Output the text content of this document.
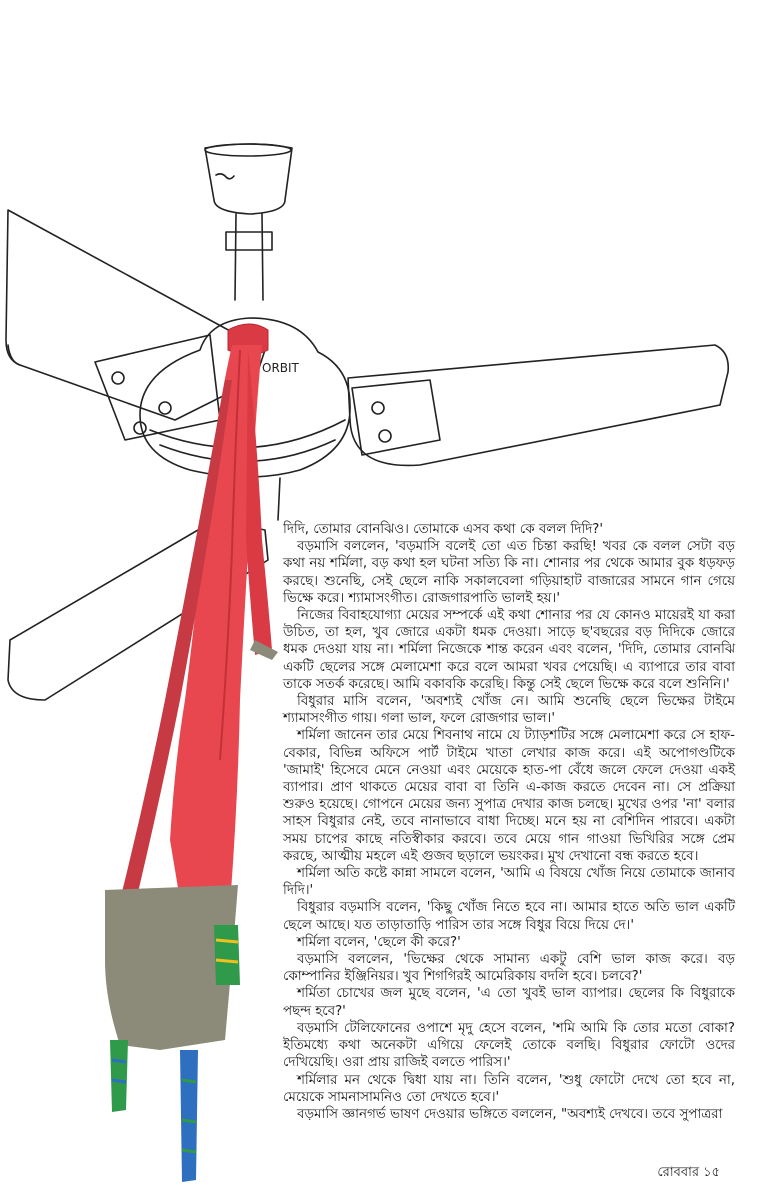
ORBIT

দিদি, তোমার বোনঝিও। তোমাকে এসব কথা কে বলল দিদি?'

বড়মাসি বললেন, 'বড়মাসি বলেই তো এত চিন্তা করছি! খবর কে বলল সেটা বড় কথা নয় শর্মিলা, বড় কথা হল ঘটনা সত্যি কি না। শোনার পর থেকে আমার বুক ধড়ফড় করছে। শুনেছি, সেই ছেলে নাকি সকালবেলা গড়িয়াহাট বাজারের সামনে গান গেয়ে ভিক্ষে করে। শ্যামাসংগীত। রোজগারপাতি ভালই হয়।'

নিজের বিবাহযোগ্যা মেয়ের সম্পর্কে এই কথা শোনার পর যে কোনও মায়েরই যা করা উচিত, তা হল, খুব জোরে একটা ধমক দেওয়া। সাড়ে ছ'বছরের বড় দিদিকে জোরে ধমক দেওয়া যায় না। শর্মিলা নিজেকে শান্ত করেন এবং বলেন, 'দিদি, তোমার বোনঝি একটি ছেলের সঙ্গে মেলামেশা করে বলে আমরা খবর পেয়েছি। এ ব্যাপারে তার বাবা তাকে সতর্ক করেছে। আমি বকাবকি করেছি। কিন্তু সেই ছেলে ভিক্ষে করে বলে শুনিনি।'

বিধুরার মাসি বলেন, 'অবশ্যই খোঁজ নে। আমি শুনেছি ছেলে ভিক্ষের টাইমে শ্যামাসংগীত গায়। গলা ভাল, ফলে রোজগার ভাল।'

শর্মিলা জানেন তার মেয়ে শিবনাথ নামে যে ট্যাড়শটির সঙ্গে মেলামেশা করে সে হাফ-বেকার, বিভিন্ন অফিসে পার্ট টাইমে খাতা লেখার কাজ করে। এই অপোগণ্ডটিকে 'জামাই' হিসেবে মেনে নেওয়া এবং মেয়েকে হাত-পা বেঁধে জলে ফেলে দেওয়া একই ব্যাপার। প্রাণ থাকতে মেয়ের বাবা বা তিনি এ-কাজ করতে দেবেন না। সে প্রক্রিয়া শুরুও হয়েছে। গোপনে মেয়ের জন্য সুপাত্র দেখার কাজ চলছে। মুখের ওপর 'না' বলার সাহস বিধুরার নেই, তবে নানাভাবে বাধা দিচ্ছে। মনে হয় না বেশিদিন পারবে। একটা সময় চাপের কাছে নতিস্বীকার করবে। তবে মেয়ে গান গাওয়া ভিখিরির সঙ্গে প্রেম করছে, আত্মীয় মহলে এই গুজব ছড়ালে ভয়ংকর। মুখ দেখানো বন্ধ করতে হবে।

শর্মিলা অতি কষ্টে কান্না সামলে বলেন, 'আমি এ বিষয়ে খোঁজ নিয়ে তোমাকে জানাব দিদি।'

বিধুরার বড়মাসি বলেন, 'কিছু খোঁজ নিতে হবে না। আমার হাতে অতি ভাল একটি ছেলে আছে। যত তাড়াতাড়ি পারিস তার সঙ্গে বিধুর বিয়ে দিয়ে দে।'

শর্মিলা বলেন, 'ছেলে কী করে?'

বড়মাসি বললেন, 'ভিক্ষের থেকে সামান্য একটু বেশি ভাল কাজ করে। বড় কোম্পানির ইঞ্জিনিয়র। খুব শিগগিরই আমেরিকায় বদলি হবে। চলবে?'

শর্মিতা চোখের জল মুছে বলেন, 'এ তো খুবই ভাল ব্যাপার। ছেলের কি বিধুরাকে পছন্দ হবে?'

বড়মাসি টেলিফোনের ওপাশে মৃদু হেসে বলেন, 'শমি আমি কি তোর মতো বোকা? ইতিমধ্যে কথা অনেকটা এগিয়ে ফেলেই তোকে বলছি। বিধুরার ফোটো ওদের দেখিয়েছি। ওরা প্রায় রাজিই বলতে পারিস।'

শর্মিলার মন থেকে দ্বিধা যায় না। তিনি বলেন, 'শুধু ফোটো দেখে তো হবে না, মেয়েকে সামনাসামনিও তো দেখতে হবে।'

বড়মাসি জ্ঞানগর্ভ ভাষণ দেওয়ার ভঙ্গিতে বললেন, "অবশ্যই দেখবে। তবে সুপাত্ররা

রোববার ১৫
